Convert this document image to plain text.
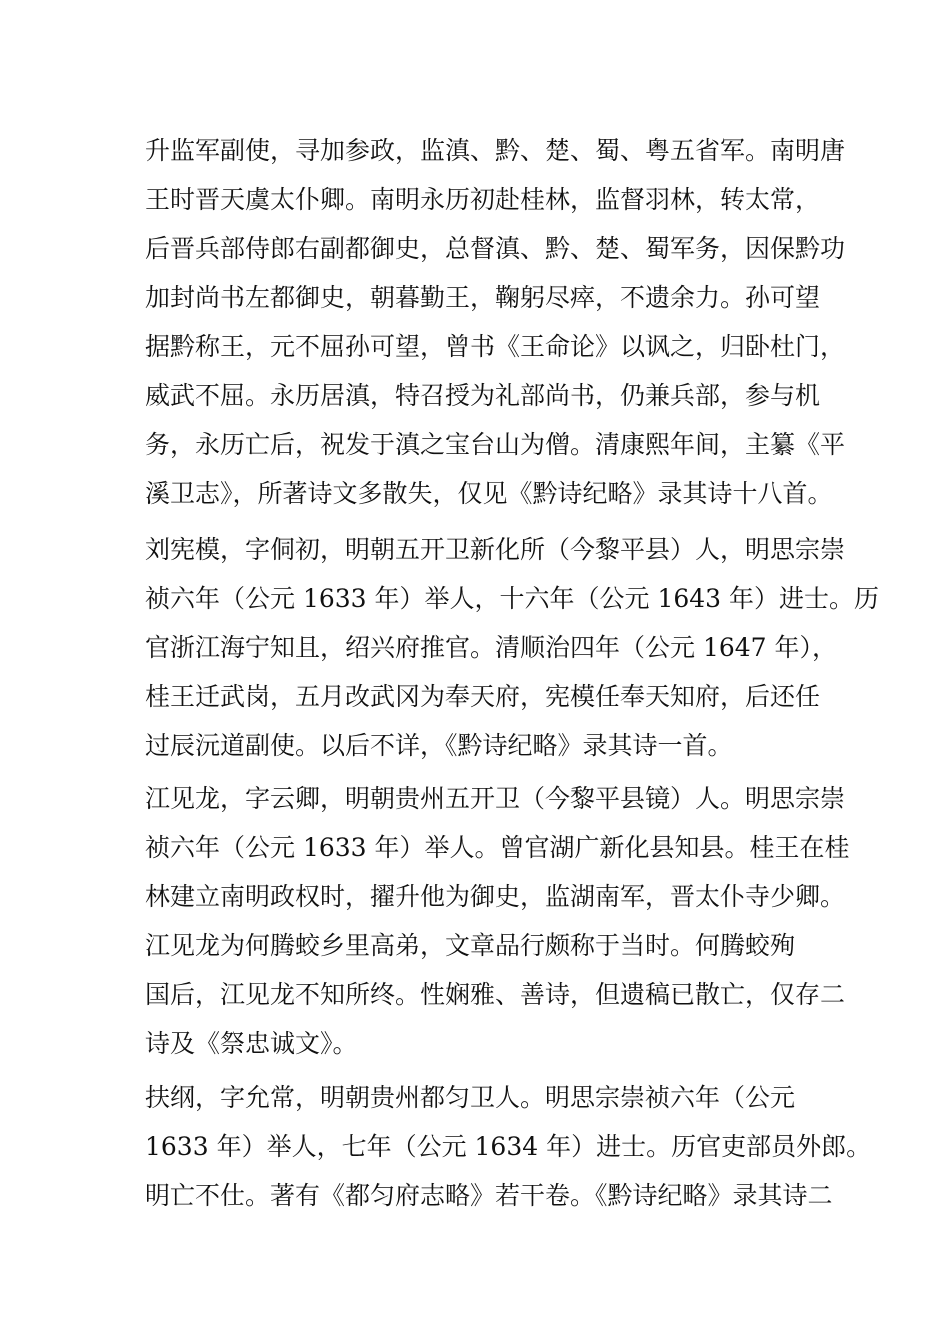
升监军副使，寻加参政，监滇、黔、楚、蜀、粤五省军。南明唐
王时晋天虞太仆卿。南明永历初赴桂林，监督羽林，转太常，
后晋兵部侍郎右副都御史，总督滇、黔、楚、蜀军务，因保黔功
加封尚书左都御史，朝暮勤王，鞠躬尽瘁，不遗余力。孙可望
据黔称王，元不屈孙可望，曾书《王命论》以讽之，归卧杜门，
威武不屈。永历居滇，特召授为礼部尚书，仍兼兵部，参与机
务，永历亡后，祝发于滇之宝台山为僧。清康熙年间，主纂《平
溪卫志》，所著诗文多散失，仅见《黔诗纪略》录其诗十八首。
刘宪模，字侗初，明朝五开卫新化所（今黎平县）人，明思宗崇
祯六年（公元 1633 年）举人，十六年（公元 1643 年）进士。历
官浙江海宁知且，绍兴府推官。清顺治四年（公元 1647 年），
桂王迁武岗，五月改武冈为奉天府，宪模任奉天知府，后还任
过辰沅道副使。以后不详，《黔诗纪略》录其诗一首。
江见龙，字云卿，明朝贵州五开卫（今黎平县镜）人。明思宗崇
祯六年（公元 1633 年）举人。曾官湖广新化县知县。桂王在桂
林建立南明政权时，擢升他为御史，监湖南军，晋太仆寺少卿。
江见龙为何腾蛟乡里高弟，文章品行颇称于当时。何腾蛟殉
国后，江见龙不知所终。性娴雅、善诗，但遗稿已散亡，仅存二
诗及《祭忠诚文》。
扶纲，字允常，明朝贵州都匀卫人。明思宗崇祯六年（公元
1633 年）举人，七年（公元 1634 年）进士。历官吏部员外郎。
明亡不仕。著有《都匀府志略》若干卷。《黔诗纪略》录其诗二
